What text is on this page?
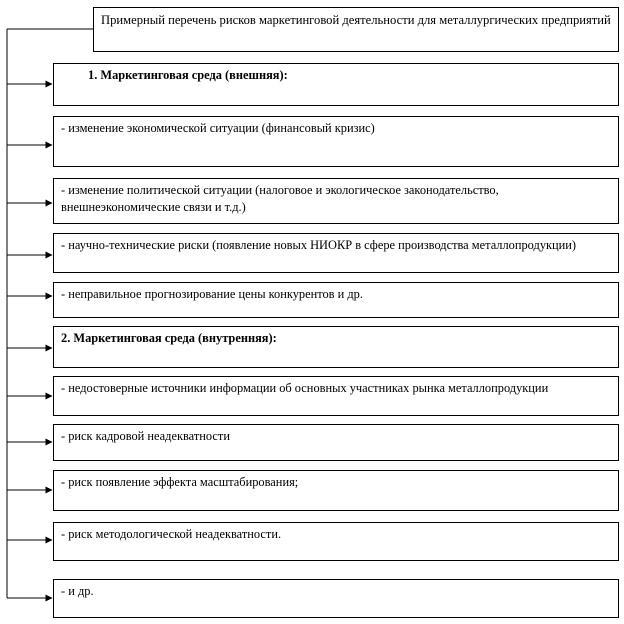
Примерный перечень рисков маркетинговой деятельности для металлургических предприятий
1. Маркетинговая среда (внешняя):
- изменение экономической ситуации (финансовый кризис)
- изменение политической ситуации (налоговое и экологическое законодательство, внешнеэкономические связи и т.д.)
- научно-технические риски (появление новых НИОКР в сфере производства металлопродукции)
- неправильное прогнозирование цены конкурентов и др.
2. Маркетинговая среда (внутренняя):
- недостоверные источники информации об основных участниках рынка металлопродукции
- риск кадровой неадекватности
- риск появление эффекта масштабирования;
- риск методологической неадекватности.
- и др.
